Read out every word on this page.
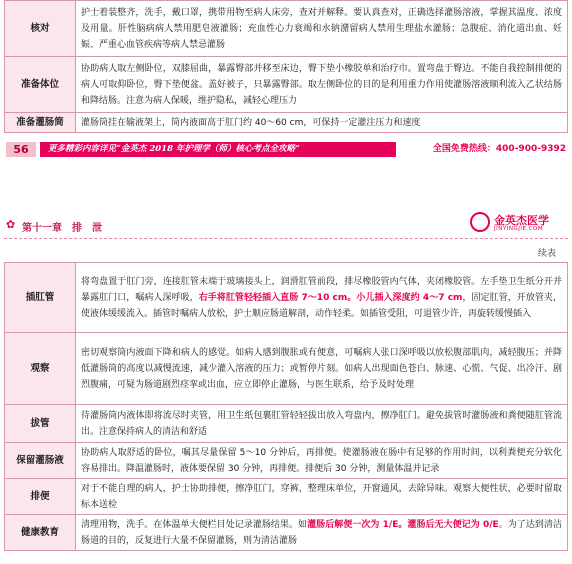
核对	护士着装整齐，洗手，戴口罩，携带用物至病人床旁，查对并解释。要认真查对，正确选择灌肠溶液，掌握其温度、浓度及用量。肝性脑病病人禁用肥皂液灌肠；充血性心力衰竭和水钠潴留病人禁用生理盐水灌肠；急腹症、消化道出血、妊娠、严重心血管疾病等病人禁忌灌肠
准备体位	协助病人取左侧卧位，双膝屈曲，暴露臀部并移至床边，臀下垫小橡胶单和治疗巾。置弯盘于臀边。不能自我控制排便的病人可取仰卧位，臀下垫便盆。盖好被子，只暴露臀部。取左侧卧位的目的是利用重力作用使灌肠溶液顺利流入乙状结肠和降结肠。注意为病人保暖，维护隐私，减轻心理压力
准备灌肠筒	灌肠筒挂在输液架上，筒内液面高于肛门约 40～60 cm，可保持一定灌注压力和速度
56	更多精彩内容详见“金英杰 2018 年护理学（师）核心考点全攻略”	全国免费热线：400-900-9392
✿ 第十一章　排　泄
金英杰医学
JINYINGJIE.COM
续表
插肛管	将弯盘置于肛门旁，连接肛管末端于玻璃接头上，润滑肛管前段，排尽橡胶管内气体，夹闭橡胶管。左手垫卫生纸分开并暴露肛门口，嘱病人深呼吸，右手将肛管轻轻插入直肠 7～10 cm。小儿插入深度约 4～7 cm，固定肛管，开放管夹，使液体缓缓流入。插管时嘱病人放松，护士顺应肠道解剖，动作轻柔。如插管受阻，可退管少许，再旋转缓慢插入
观察	密切观察筒内液面下降和病人的感觉。如病人感到腹胀或有便意，可嘱病人张口深呼吸以放松腹部肌肉，减轻腹压；并降低灌肠筒的高度以减慢流速，减少灌入溶液的压力；或暂停片刻。如病人出现面色苍白、脉速、心慌、气促、出冷汗、剧烈腹痛，可疑为肠道剧烈痉挛或出血，应立即停止灌肠，与医生联系，给予及时处理
拔管	待灌肠筒内液体即将流尽时夹管，用卫生纸包裹肛管轻轻拔出放入弯盘内，擦净肛门。避免拔管时灌肠液和粪便随肛管流出。注意保持病人的清洁和舒适
保留灌肠液	协助病人取舒适的卧位，嘱其尽量保留 5～10 分钟后，再排便。使灌肠液在肠中有足够的作用时间，以利粪便充分软化容易排出。降温灌肠时，液体要保留 30 分钟，再排便。排便后 30 分钟，测量体温并记录
排便	对于不能自理的病人，护士协助排便，擦净肛门，穿裤，整理床单位，开窗通风，去除异味。观察大便性状，必要时留取标本送检
健康教育	清理用物，洗手。在体温单大便栏目处记录灌肠结果。如灌肠后解便一次为 1/E。灌肠后无大便记为 0/E。为了达到清洁肠道的目的，反复进行大量不保留灌肠，则为清洁灌肠
